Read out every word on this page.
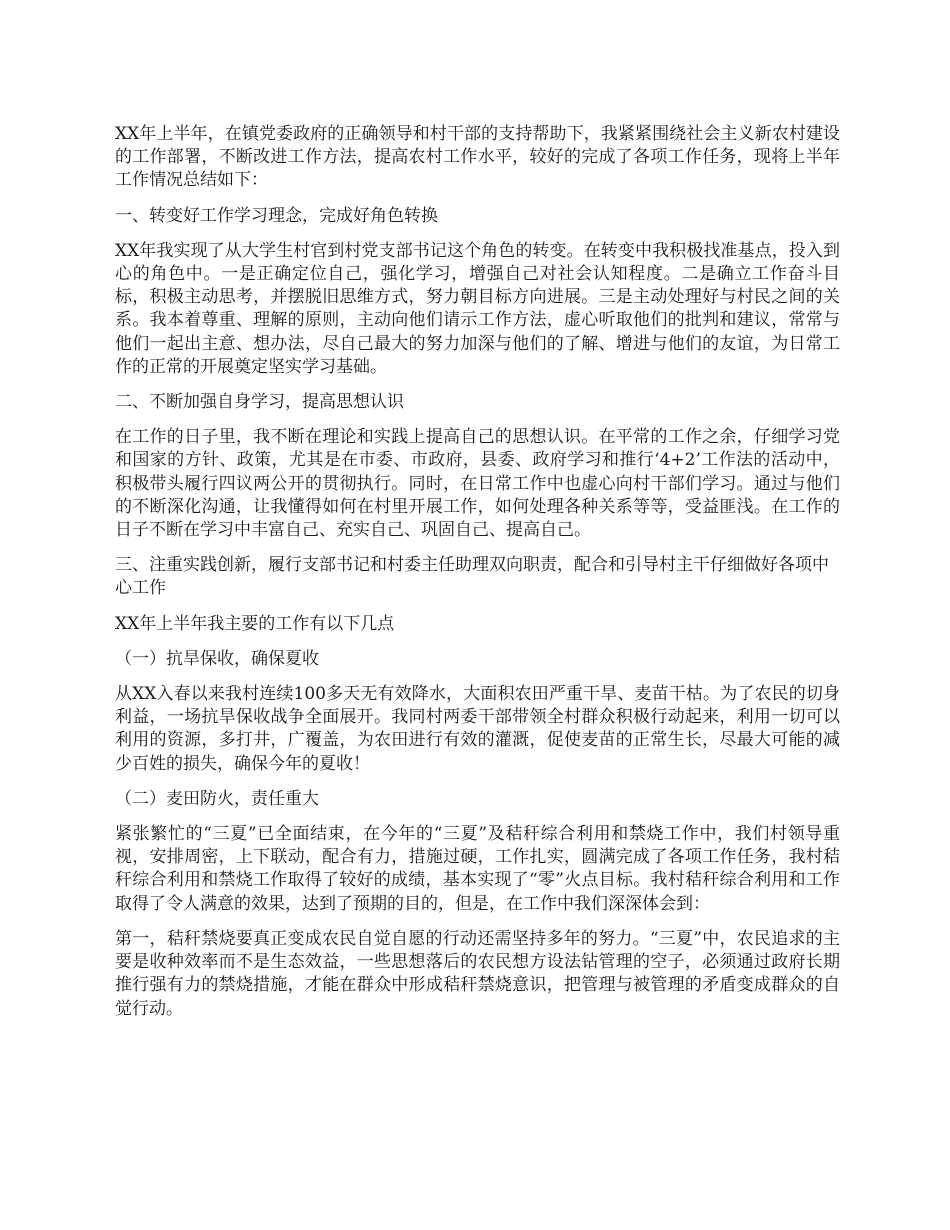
XX年上半年，在镇党委政府的正确领导和村干部的支持帮助下，我紧紧围绕社会主义新农村建设的工作部署，不断改进工作方法，提高农村工作水平，较好的完成了各项工作任务，现将上半年工作情况总结如下：

一、转变好工作学习理念，完成好角色转换

XX年我实现了从大学生村官到村党支部书记这个角色的转变。在转变中我积极找准基点，投入到心的角色中。一是正确定位自己，强化学习，增强自己对社会认知程度。二是确立工作奋斗目标，积极主动思考，并摆脱旧思维方式，努力朝目标方向进展。三是主动处理好与村民之间的关系。我本着尊重、理解的原则，主动向他们请示工作方法，虚心听取他们的批判和建议，常常与他们一起出主意、想办法，尽自己最大的努力加深与他们的了解、增进与他们的友谊，为日常工作的正常的开展奠定坚实学习基础。

二、不断加强自身学习，提高思想认识

在工作的日子里，我不断在理论和实践上提高自己的思想认识。在平常的工作之余，仔细学习党和国家的方针、政策，尤其是在市委、市政府，县委、政府学习和推行‘4+2’工作法的活动中，积极带头履行四议两公开的贯彻执行。同时，在日常工作中也虚心向村干部们学习。通过与他们的不断深化沟通，让我懂得如何在村里开展工作，如何处理各种关系等等，受益匪浅。在工作的日子不断在学习中丰富自己、充实自己、巩固自己、提高自己。

三、注重实践创新，履行支部书记和村委主任助理双向职责，配合和引导村主干仔细做好各项中心工作

XX年上半年我主要的工作有以下几点

（一）抗旱保收，确保夏收

从XX入春以来我村连续100多天无有效降水，大面积农田严重干旱、麦苗干枯。为了农民的切身利益，一场抗旱保收战争全面展开。我同村两委干部带领全村群众积极行动起来，利用一切可以利用的资源，多打井，广覆盖，为农田进行有效的灌溉，促使麦苗的正常生长，尽最大可能的减少百姓的损失，确保今年的夏收！

（二）麦田防火，责任重大

紧张繁忙的“三夏”已全面结束，在今年的“三夏”及秸秆综合利用和禁烧工作中，我们村领导重视，安排周密，上下联动，配合有力，措施过硬，工作扎实，圆满完成了各项工作任务，我村秸秆综合利用和禁烧工作取得了较好的成绩，基本实现了“零”火点目标。我村秸秆综合利用和工作取得了令人满意的效果，达到了预期的目的，但是，在工作中我们深深体会到：

第一，秸秆禁烧要真正变成农民自觉自愿的行动还需坚持多年的努力。“三夏”中，农民追求的主要是收种效率而不是生态效益，一些思想落后的农民想方设法钻管理的空子，必须通过政府长期推行强有力的禁烧措施，才能在群众中形成秸秆禁烧意识，把管理与被管理的矛盾变成群众的自觉行动。
